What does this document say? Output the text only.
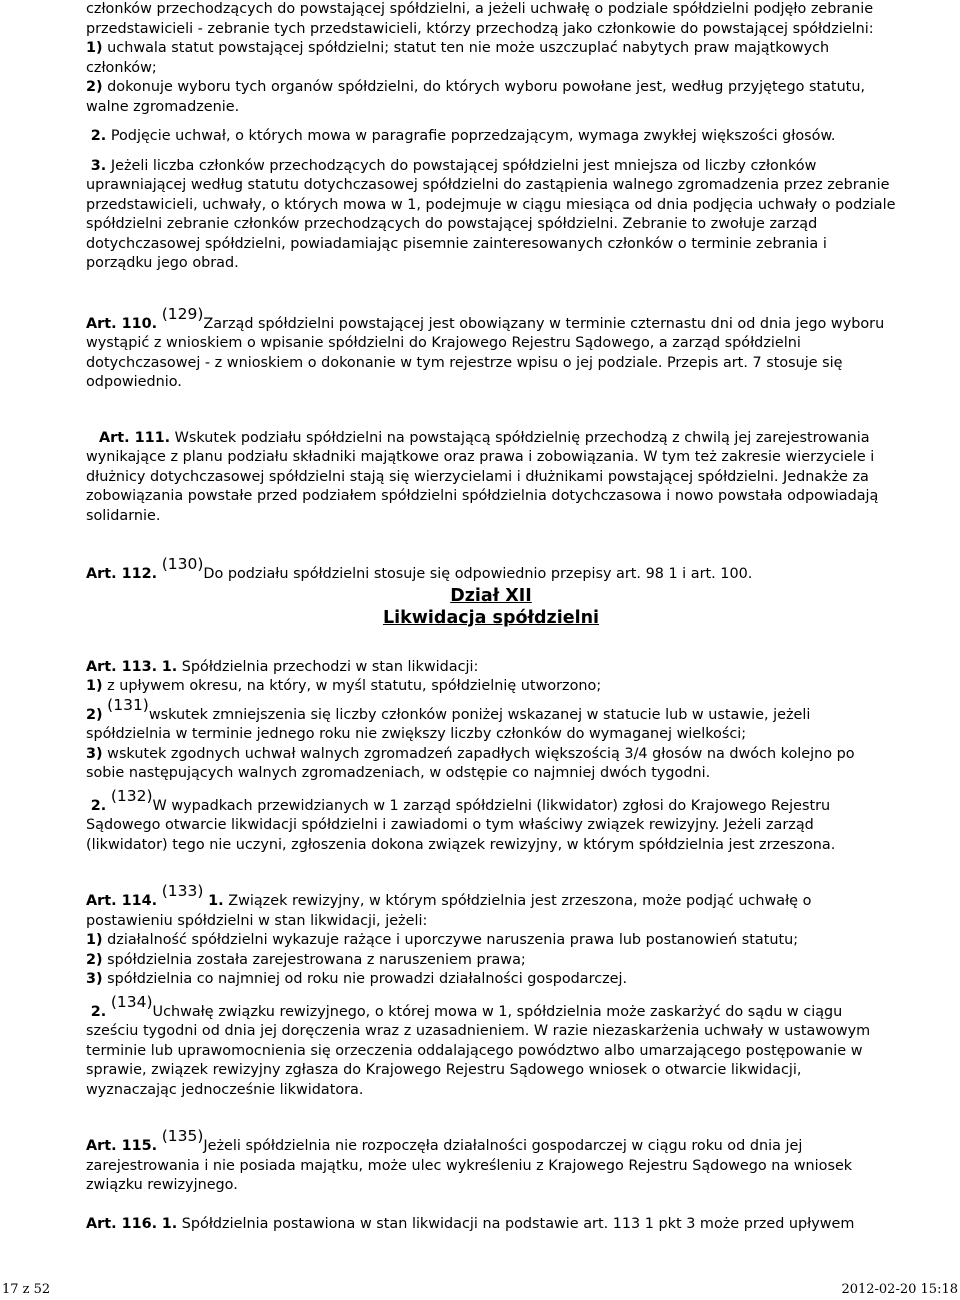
członków przechodzących do powstającej spółdzielni, a jeżeli uchwałę o podziale spółdzielni podjęło zebranie przedstawicieli - zebranie tych przedstawicieli, którzy przechodzą jako członkowie do powstającej spółdzielni:
1) uchwala statut powstającej spółdzielni; statut ten nie może uszczuplać nabytych praw majątkowych członków;
2) dokonuje wyboru tych organów spółdzielni, do których wyboru powołane jest, według przyjętego statutu, walne zgromadzenie.

2. Podjęcie uchwał, o których mowa w paragrafie poprzedzającym, wymaga zwykłej większości głosów.

3. Jeżeli liczba członków przechodzących do powstającej spółdzielni jest mniejsza od liczby członków uprawniającej według statutu dotychczasowej spółdzielni do zastąpienia walnego zgromadzenia przez zebranie przedstawicieli, uchwały, o których mowa w 1, podejmuje w ciągu miesiąca od dnia podjęcia uchwały o podziale spółdzielni zebranie członków przechodzących do powstającej spółdzielni. Zebranie to zwołuje zarząd dotychczasowej spółdzielni, powiadamiając pisemnie zainteresowanych członków o terminie zebrania i porządku jego obrad.

Art. 110. $^{(129)}$Zarząd spółdzielni powstającej jest obowiązany w terminie czternastu dni od dnia jego wyboru wystąpić z wnioskiem o wpisanie spółdzielni do Krajowego Rejestru Sądowego, a zarząd spółdzielni dotychczasowej - z wnioskiem o dokonanie w tym rejestrze wpisu o jej podziale. Przepis art. 7 stosuje się odpowiednio.

Art. 111. Wskutek podziału spółdzielni na powstającą spółdzielnię przechodzą z chwilą jej zarejestrowania wynikające z planu podziału składniki majątkowe oraz prawa i zobowiązania. W tym też zakresie wierzyciele i dłużnicy dotychczasowej spółdzielni stają się wierzycielami i dłużnikami powstającej spółdzielni. Jednakże za zobowiązania powstałe przed podziałem spółdzielni spółdzielnia dotychczasowa i nowo powstała odpowiadają solidarnie.

Art. 112. $^{(130)}$Do podziału spółdzielni stosuje się odpowiednio przepisy art. 98 1 i art. 100.

Dział XII

Likwidacja spółdzielni

Art. 113. 1. Spółdzielnia przechodzi w stan likwidacji:
1) z upływem okresu, na który, w myśl statutu, spółdzielnię utworzono;

2) $^{(131)}$wskutek zmniejszenia się liczby członków poniżej wskazanej w statucie lub w ustawie, jeżeli spółdzielnia w terminie jednego roku nie zwiększy liczby członków do wymaganej wielkości;
3) wskutek zgodnych uchwał walnych zgromadzeń zapadłych większością 3/4 głosów na dwóch kolejno po sobie następujących walnych zgromadzeniach, w odstępie co najmniej dwóch tygodni.

2. $^{(132)}$W wypadkach przewidzianych w 1 zarząd spółdzielni (likwidator) zgłosi do Krajowego Rejestru Sądowego otwarcie likwidacji spółdzielni i zawiadomi o tym właściwy związek rewizyjny. Jeżeli zarząd (likwidator) tego nie uczyni, zgłoszenia dokona związek rewizyjny, w którym spółdzielnia jest zrzeszona.

Art. 114. $^{(133)}$ 1. Związek rewizyjny, w którym spółdzielnia jest zrzeszona, może podjąć uchwałę o postawieniu spółdzielni w stan likwidacji, jeżeli:
1) działalność spółdzielni wykazuje rażące i uporczywe naruszenia prawa lub postanowień statutu;
2) spółdzielnia została zarejestrowana z naruszeniem prawa;
3) spółdzielnia co najmniej od roku nie prowadzi działalności gospodarczej.

2. $^{(134)}$Uchwałę związku rewizyjnego, o której mowa w 1, spółdzielnia może zaskarżyć do sądu w ciągu sześciu tygodni od dnia jej doręczenia wraz z uzasadnieniem. W razie niezaskarżenia uchwały w ustawowym terminie lub uprawomocnienia się orzeczenia oddalającego powództwo albo umarzającego postępowanie w sprawie, związek rewizyjny zgłasza do Krajowego Rejestru Sądowego wniosek o otwarcie likwidacji, wyznaczając jednocześnie likwidatora.

Art. 115. $^{(135)}$Jeżeli spółdzielnia nie rozpoczęła działalności gospodarczej w ciągu roku od dnia jej zarejestrowania i nie posiada majątku, może ulec wykreśleniu z Krajowego Rejestru Sądowego na wniosek związku rewizyjnego.

Art. 116. 1. Spółdzielnia postawiona w stan likwidacji na podstawie art. 113 1 pkt 3 może przed upływem

17 z 52	2012-02-20 15:18
